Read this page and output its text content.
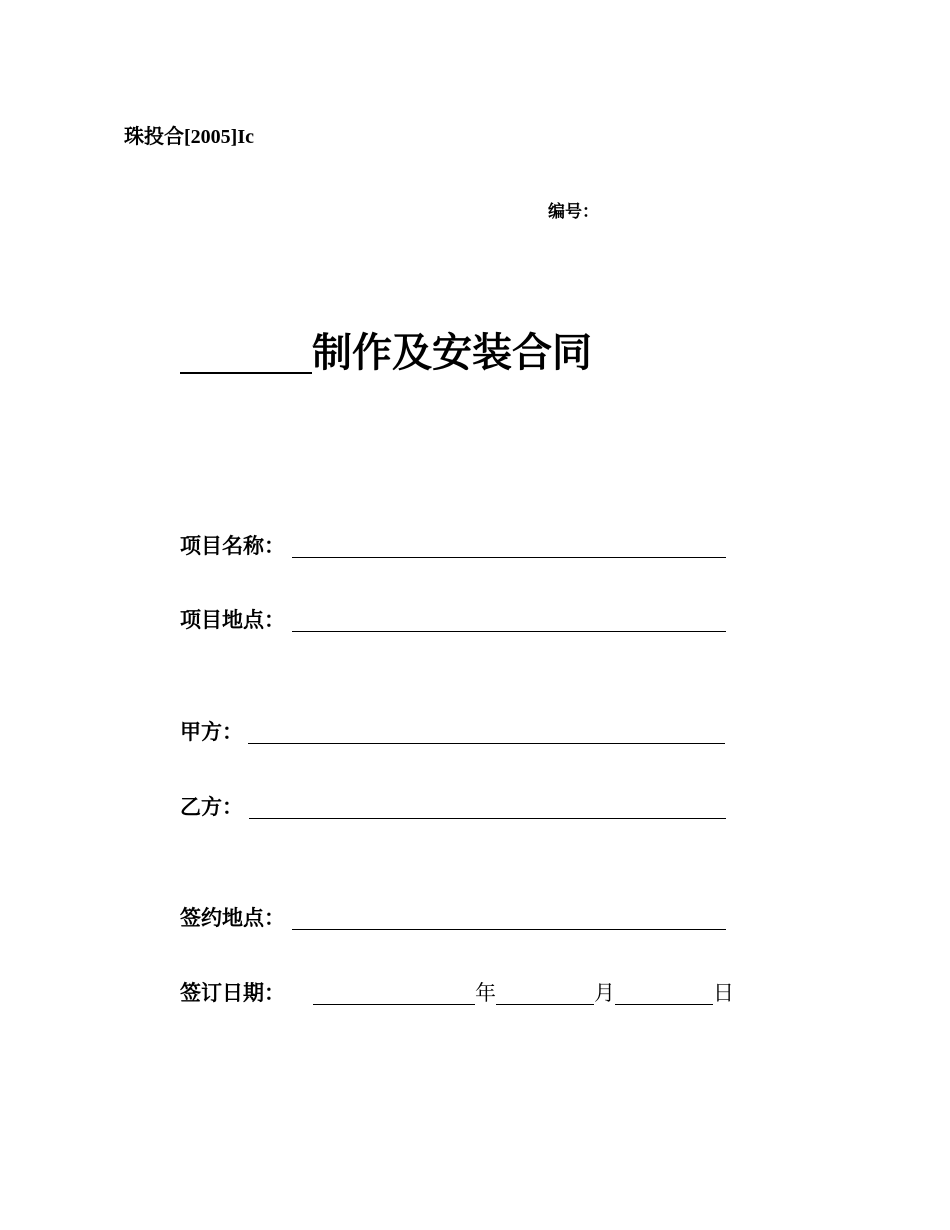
珠投合[2005]Ic
编号：
制作及安装合同
项目名称：
项目地点：
甲方：
乙方：
签约地点：
签订日期：	年	月	日
